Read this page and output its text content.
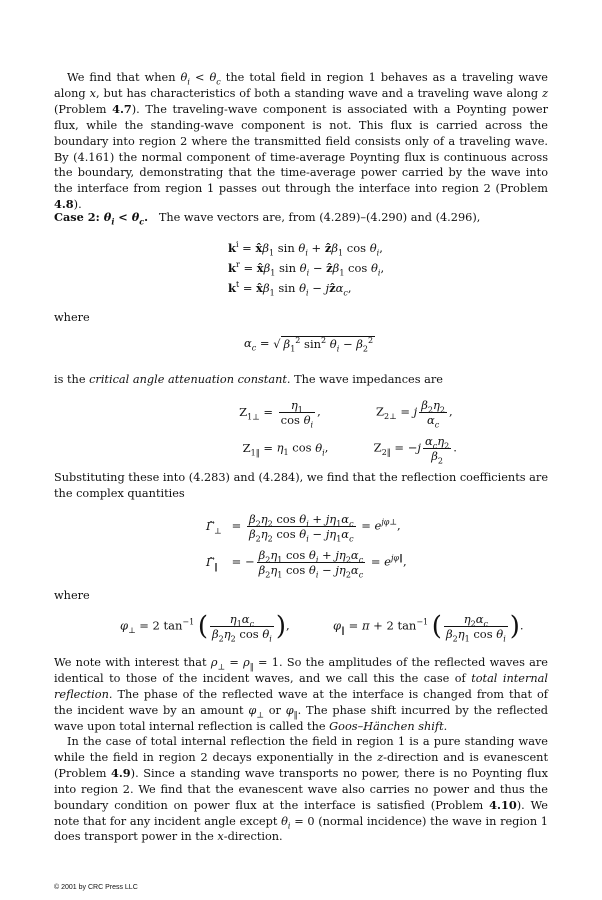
We find that when $\theta_i < \theta_c$ the total field in region 1 behaves as a traveling wave along x, but has characteristics of both a standing wave and a traveling wave along z (Problem 4.7). The traveling-wave component is associated with a Poynting power flux, while the standing-wave component is not. This flux is carried across the boundary into region 2 where the transmitted field consists only of a traveling wave. By (4.161) the normal component of time-average Poynting flux is continuous across the boundary, demonstrating that the time-average power carried by the wave into the interface from region 1 passes out through the interface into region 2 (Problem 4.8).

Case 2: $\theta_i < \theta_c$.   The wave vectors are, from (4.289)–(4.290) and (4.296),

$k^i$ = $x̂\beta_1$ $\sin \theta_i$ + ẑβ$_1$ $\cos \theta_i$,
$k^r$ = $x̂\beta_1$ $\sin \theta_i$ − ẑβ$_1$ $\cos \theta_i$,
$k^t$ = $x̂\beta_1$ $\sin \theta_i$ − jẑα$_c$,

where

$\alpha_c$ = √ $\beta_1^2$ $\sin^2 \theta_i - \beta_2^2$

is the critical angle attenuation constant. The wave impedances are

$Z_{1\perp} = \frac{\eta_1}{\cos \theta_i}$ ,	$Z_{2\perp} = j \frac{\beta_2\eta_2}{\alpha_c}$ ,
$Z_{1‖} = \eta_1$ $\cos \theta_i$,	$Z_{2‖} = -j \frac{\alpha_c\eta_2}{\beta_2}$ .

Substituting these into (4.283) and (4.284), we find that the reflection coefficients are the complex quantities

$\Gammã_\perp = \frac{\beta_2\eta_2 \cos \theta_i + j\eta_1\alpha_c}{\beta_2\eta_2 \cos \theta_i - j\eta_1\alpha_c} = e^{j\varphi\perp}$,
$\Gammã_‖$ = − $\frac{\beta_2\eta_1 \cos \theta_i + j\eta_2\alpha_c}{\beta_2\eta_1 \cos \theta_i - j\eta_2\alpha_c} = e^{j\varphi‖}$,

where

$\varphi_\perp = 2$ $\tan^{-1}$ ( $\frac{\eta_1\alpha_c}{\beta_2\eta_2 \cos \theta_i}$ ),	$\varphi_‖ = \pi + 2$ $\tan^{-1}$ ( $\frac{\eta_2\alpha_c}{\beta_2\eta_1 \cos \theta_i}$ ).

We note with interest that $\rho_\perp = \rho_‖ = 1$. So the amplitudes of the reflected waves are identical to those of the incident waves, and we call this the case of total internal reflection. The phase of the reflected wave at the interface is changed from that of the incident wave by an amount $\varphi_\perp$ or $\varphi_‖$. The phase shift incurred by the reflected wave upon total internal reflection is called the Goos–Hänchen shift.

In the case of total internal reflection the field in region 1 is a pure standing wave while the field in region 2 decays exponentially in the z-direction and is evanescent (Problem 4.9). Since a standing wave transports no power, there is no Poynting flux into region 2. We find that the evanescent wave also carries no power and thus the boundary condition on power flux at the interface is satisfied (Problem 4.10). We note that for any incident angle except $\theta_i = 0$ (normal incidence) the wave in region 1 does transport power in the x-direction.

© 2001 by CRC Press LLC
